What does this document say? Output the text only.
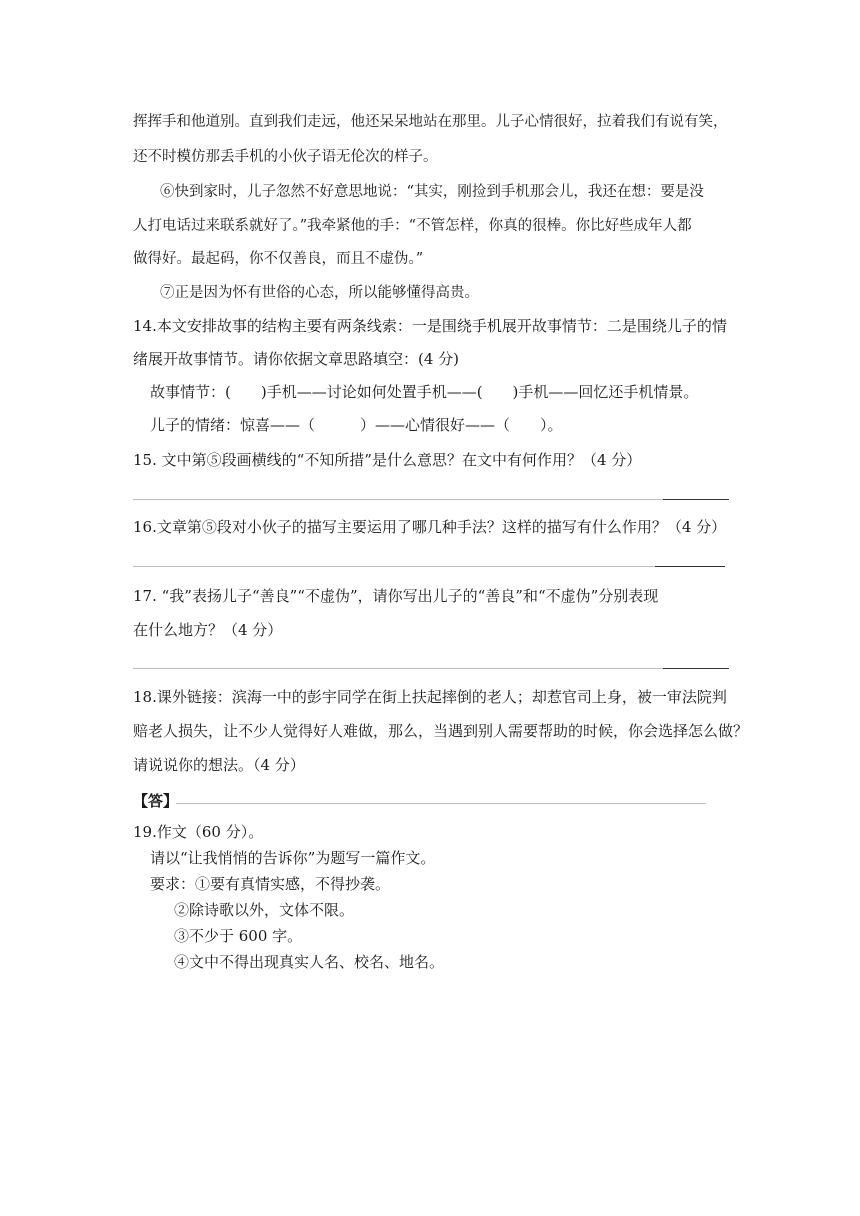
挥挥手和他道别。直到我们走远，他还呆呆地站在那里。儿子心情很好，拉着我们有说有笑，
还不时模仿那丢手机的小伙子语无伦次的样子。
⑥快到家时，儿子忽然不好意思地说：“其实，刚捡到手机那会儿，我还在想：要是没
人打电话过来联系就好了。”我牵紧他的手：“不管怎样，你真的很棒。你比好些成年人都
做得好。最起码，你不仅善良，而且不虚伪。”
⑦正是因为怀有世俗的心态，所以能够懂得高贵。
14.本文安排故事的结构主要有两条线索：一是围绕手机展开故事情节：二是围绕儿子的情
绪展开故事情节。请你依据文章思路填空：(4 分)
故事情节：(　　)手机——讨论如何处置手机——(　　)手机——回忆还手机情景。
儿子的情绪：惊喜——（　　　）——心情很好——（　　）。
15. 文中第⑤段画横线的“不知所措”是什么意思？在文中有何作用？（4 分）
16.文章第⑤段对小伙子的描写主要运用了哪几种手法？这样的描写有什么作用？（4 分）
17. “我”表扬儿子“善良”“不虚伪”，请你写出儿子的“善良”和“不虚伪”分别表现
在什么地方？（4 分）
18.课外链接：滨海一中的彭宇同学在街上扶起摔倒的老人；却惹官司上身，被一审法院判
赔老人损失，让不少人觉得好人难做，那么，当遇到别人需要帮助的时候，你会选择怎么做？
请说说你的想法。（4 分）
【答】
19.作文（60 分）。
请以“让我悄悄的告诉你”为题写一篇作文。
要求：①要有真情实感，不得抄袭。
②除诗歌以外，文体不限。
③不少于 600 字。
④文中不得出现真实人名、校名、地名。
